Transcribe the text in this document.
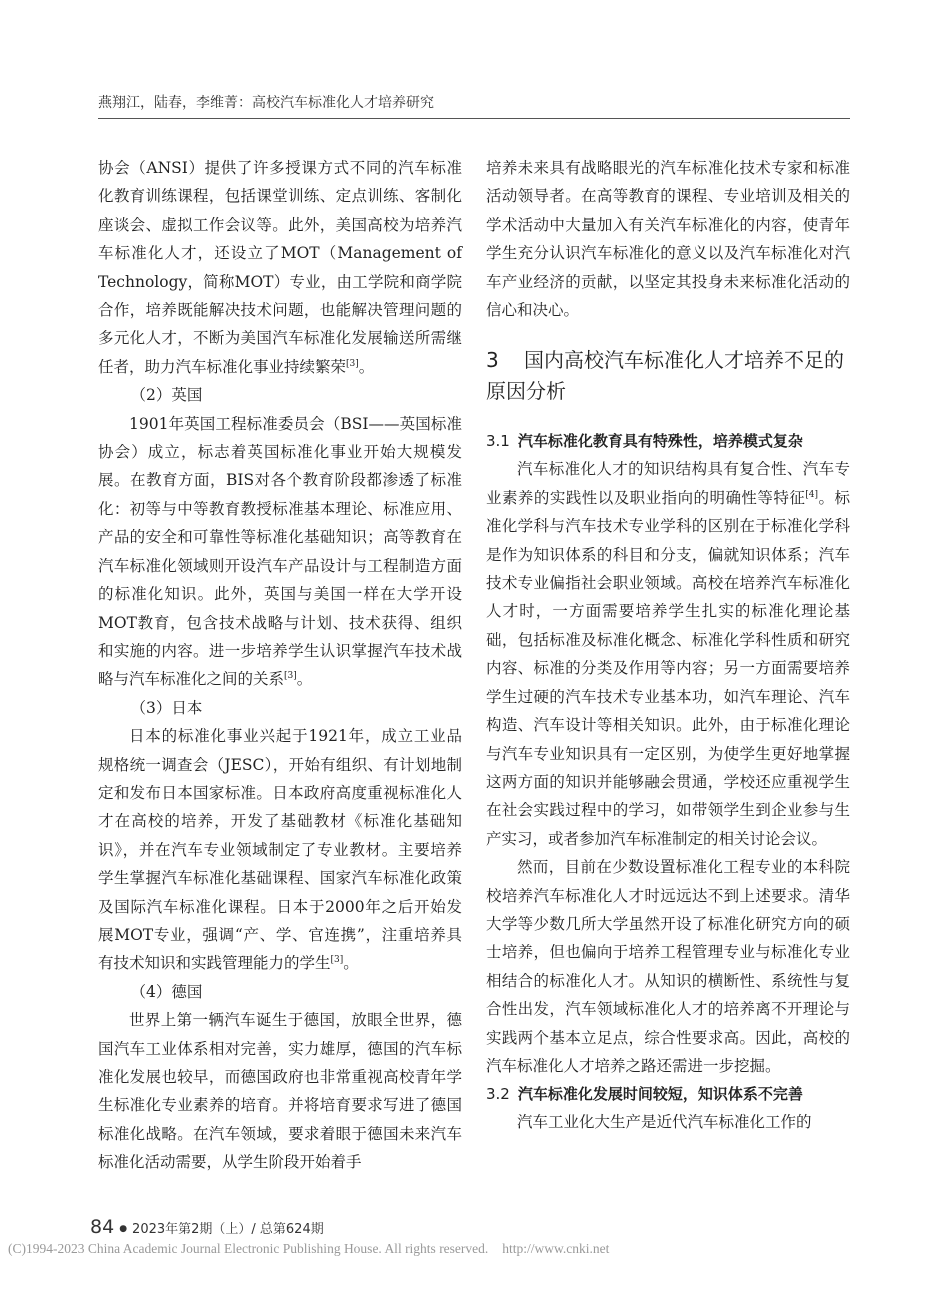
燕翔江，陆春，李维菁：高校汽车标准化人才培养研究

协会（ANSI）提供了许多授课方式不同的汽车标准化教育训练课程，包括课堂训练、定点训练、客制化座谈会、虚拟工作会议等。此外，美国高校为培养汽车标准化人才，还设立了MOT（Management of Technology，简称MOT）专业，由工学院和商学院合作，培养既能解决技术问题，也能解决管理问题的多元化人才，不断为美国汽车标准化发展输送所需继任者，助力汽车标准化事业持续繁荣[3]。

（2）英国

1901年英国工程标准委员会（BSI——英国标准协会）成立，标志着英国标准化事业开始大规模发展。在教育方面，BIS对各个教育阶段都渗透了标准化：初等与中等教育教授标准基本理论、标准应用、产品的安全和可靠性等标准化基础知识；高等教育在汽车标准化领域则开设汽车产品设计与工程制造方面的标准化知识。此外，英国与美国一样在大学开设MOT教育，包含技术战略与计划、技术获得、组织和实施的内容。进一步培养学生认识掌握汽车技术战略与汽车标准化之间的关系[3]。

（3）日本

日本的标准化事业兴起于1921年，成立工业品规格统一调查会（JESC），开始有组织、有计划地制定和发布日本国家标准。日本政府高度重视标准化人才在高校的培养，开发了基础教材《标准化基础知识》，并在汽车专业领域制定了专业教材。主要培养学生掌握汽车标准化基础课程、国家汽车标准化政策及国际汽车标准化课程。日本于2000年之后开始发展MOT专业，强调“产、学、官连携”，注重培养具有技术知识和实践管理能力的学生[3]。

（4）德国

世界上第一辆汽车诞生于德国，放眼全世界，德国汽车工业体系相对完善，实力雄厚，德国的汽车标准化发展也较早，而德国政府也非常重视高校青年学生标准化专业素养的培育。并将培育要求写进了德国标准化战略。在汽车领域，要求着眼于德国未来汽车标准化活动需要，从学生阶段开始着手

培养未来具有战略眼光的汽车标准化技术专家和标准活动领导者。在高等教育的课程、专业培训及相关的学术活动中大量加入有关汽车标准化的内容，使青年学生充分认识汽车标准化的意义以及汽车标准化对汽车产业经济的贡献，以坚定其投身未来标准化活动的信心和决心。

3 国内高校汽车标准化人才培养不足的原因分析

3.1 汽车标准化教育具有特殊性，培养模式复杂

汽车标准化人才的知识结构具有复合性、汽车专业素养的实践性以及职业指向的明确性等特征[4]。标准化学科与汽车技术专业学科的区别在于标准化学科是作为知识体系的科目和分支，偏就知识体系；汽车技术专业偏指社会职业领域。高校在培养汽车标准化人才时，一方面需要培养学生扎实的标准化理论基础，包括标准及标准化概念、标准化学科性质和研究内容、标准的分类及作用等内容；另一方面需要培养学生过硬的汽车技术专业基本功，如汽车理论、汽车构造、汽车设计等相关知识。此外，由于标准化理论与汽车专业知识具有一定区别，为使学生更好地掌握这两方面的知识并能够融会贯通，学校还应重视学生在社会实践过程中的学习，如带领学生到企业参与生产实习，或者参加汽车标准制定的相关讨论会议。

然而，目前在少数设置标准化工程专业的本科院校培养汽车标准化人才时远远达不到上述要求。清华大学等少数几所大学虽然开设了标准化研究方向的硕士培养，但也偏向于培养工程管理专业与标准化专业相结合的标准化人才。从知识的横断性、系统性与复合性出发，汽车领域标准化人才的培养离不开理论与实践两个基本立足点，综合性要求高。因此，高校的汽车标准化人才培养之路还需进一步挖掘。

3.2 汽车标准化发展时间较短，知识体系不完善

汽车工业化大生产是近代汽车标准化工作的

84 ● 2023年第2期（上）/ 总第624期
(C)1994-2023 China Academic Journal Electronic Publishing House. All rights reserved. http://www.cnki.net
